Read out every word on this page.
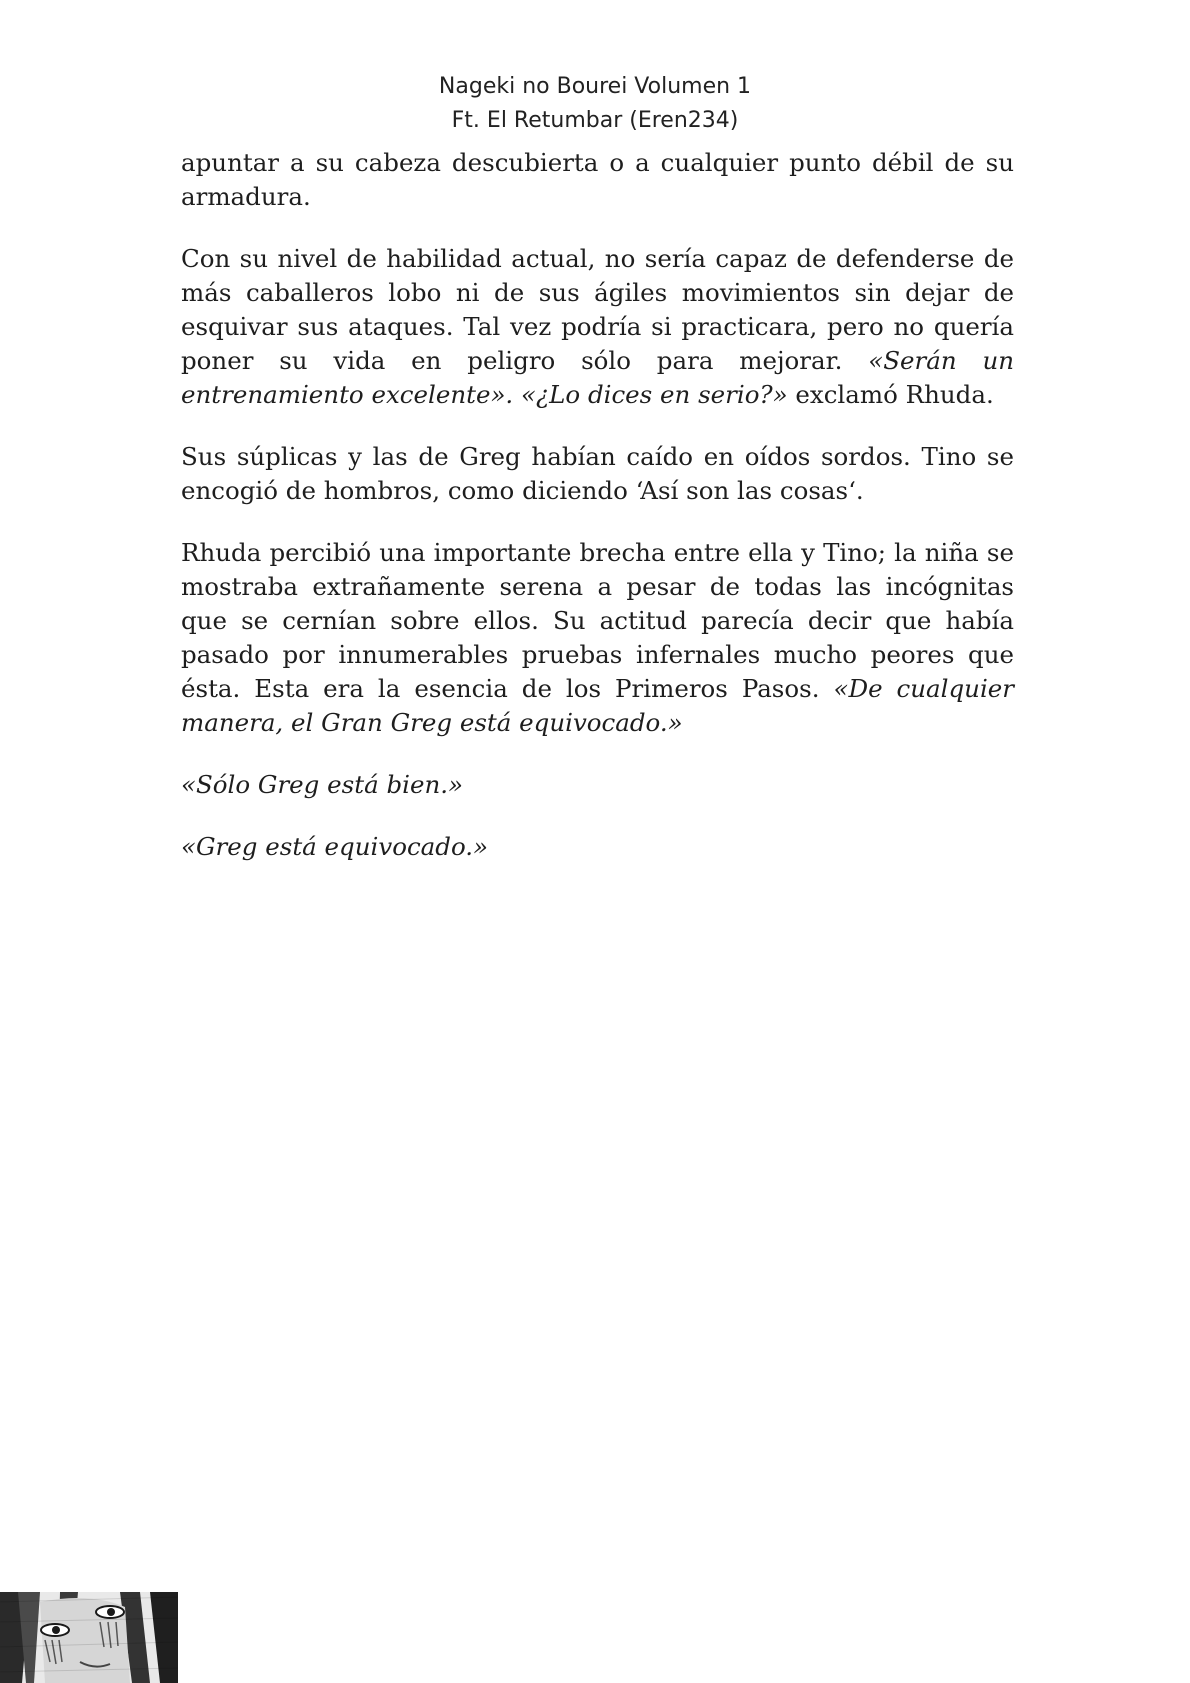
Nageki no Bourei Volumen 1
Ft. El Retumbar (Eren234)

apuntar a su cabeza descubierta o a cualquier punto débil de su armadura.

Con su nivel de habilidad actual, no sería capaz de defenderse de más caballeros lobo ni de sus ágiles movimientos sin dejar de esquivar sus ataques. Tal vez podría si practicara, pero no quería poner su vida en peligro sólo para mejorar. «Serán un entrenamiento excelente». «¿Lo dices en serio?» exclamó Rhuda.

Sus súplicas y las de Greg habían caído en oídos sordos. Tino se encogió de hombros, como diciendo ‘Así son las cosas‘.

Rhuda percibió una importante brecha entre ella y Tino; la niña se mostraba extrañamente serena a pesar de todas las incógnitas que se cernían sobre ellos. Su actitud parecía decir que había pasado por innumerables pruebas infernales mucho peores que ésta. Esta era la esencia de los Primeros Pasos. «De cualquier manera, el Gran Greg está equivocado.»

«Sólo Greg está bien.»

«Greg está equivocado.»
